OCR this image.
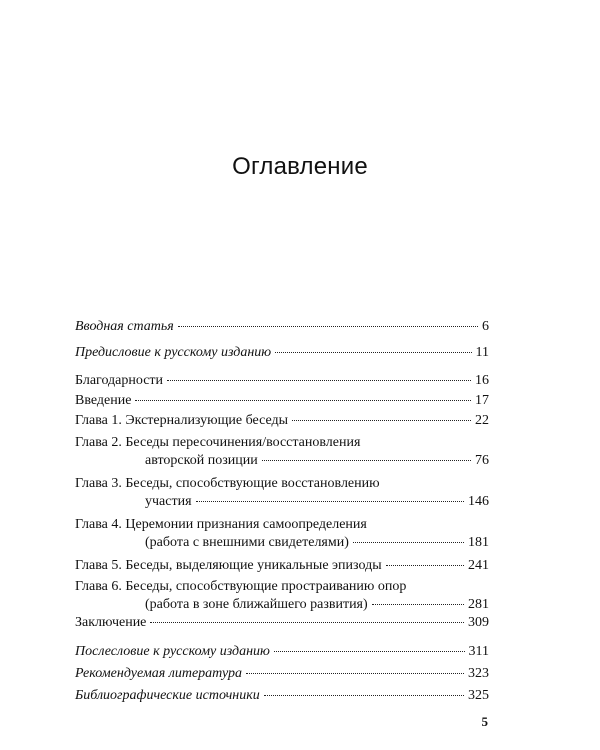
Оглавление
Вводная статья	6
Предисловие к русскому изданию	11
Благодарности	16
Введение	17
Глава 1. Экстернализующие беседы	22
Глава 2. Беседы пересочинения/восстановления
авторской позиции	76
Глава 3. Беседы, способствующие восстановлению
участия	146
Глава 4. Церемонии признания самоопределения
(работа с внешними свидетелями)	181
Глава 5. Беседы, выделяющие уникальные эпизоды	241
Глава 6. Беседы, способствующие простраиванию опор
(работа в зоне ближайшего развития)	281
Заключение	309
Послесловие к русскому изданию	311
Рекомендуемая литература	323
Библиографические источники	325
5
